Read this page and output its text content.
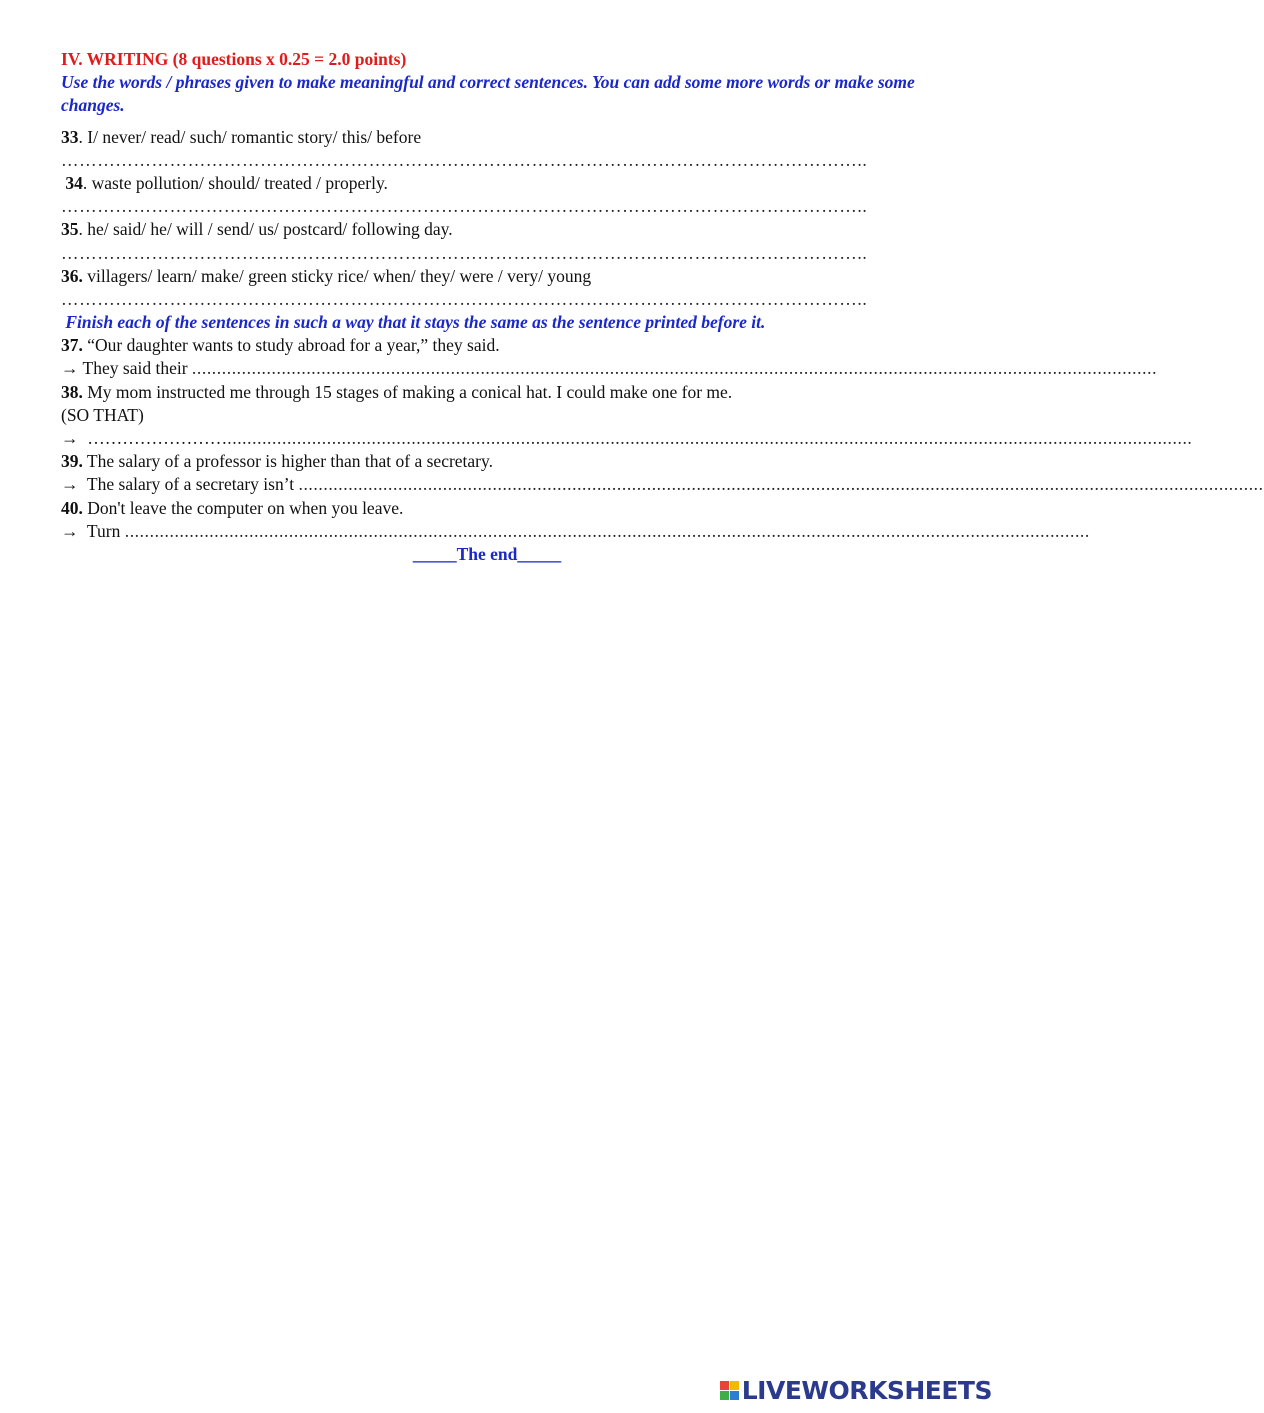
IV. WRITING (8 questions x 0.25 = 2.0 points)
Use the words / phrases given to make meaningful and correct sentences. You can add some more words or make some changes.
33. I/ never/ read/ such/ romantic story/ this/ before
……………………………………………………………………………………………………………………..
34. waste pollution/ should/ treated / properly.
……………………………………………………………………………………………………………………..
35. he/ said/ he/ will / send/ us/ postcard/ following day.
……………………………………………………………………………………………………………………..
36. villagers/ learn/ make/ green sticky rice/ when/ they/ were / very/ young
……………………………………………………………………………………………………………………..
Finish each of the sentences in such a way that it stays the same as the sentence printed before it.
37. “Our daughter wants to study abroad for a year,” they said.
→ They said their ..................................................................................................................................................................................................
38. My mom instructed me through 15 stages of making a conical hat. I could make one for me.
(SO THAT)
→  ……………………..................................................................................................................................................................................................
39. The salary of a professor is higher than that of a secretary.
→  The salary of a secretary isn’t ..................................................................................................................................................................................................
40. Don't leave the computer on when you leave.
→  Turn ..................................................................................................................................................................................................
_____The end_____
LIVEWORKSHEETS
